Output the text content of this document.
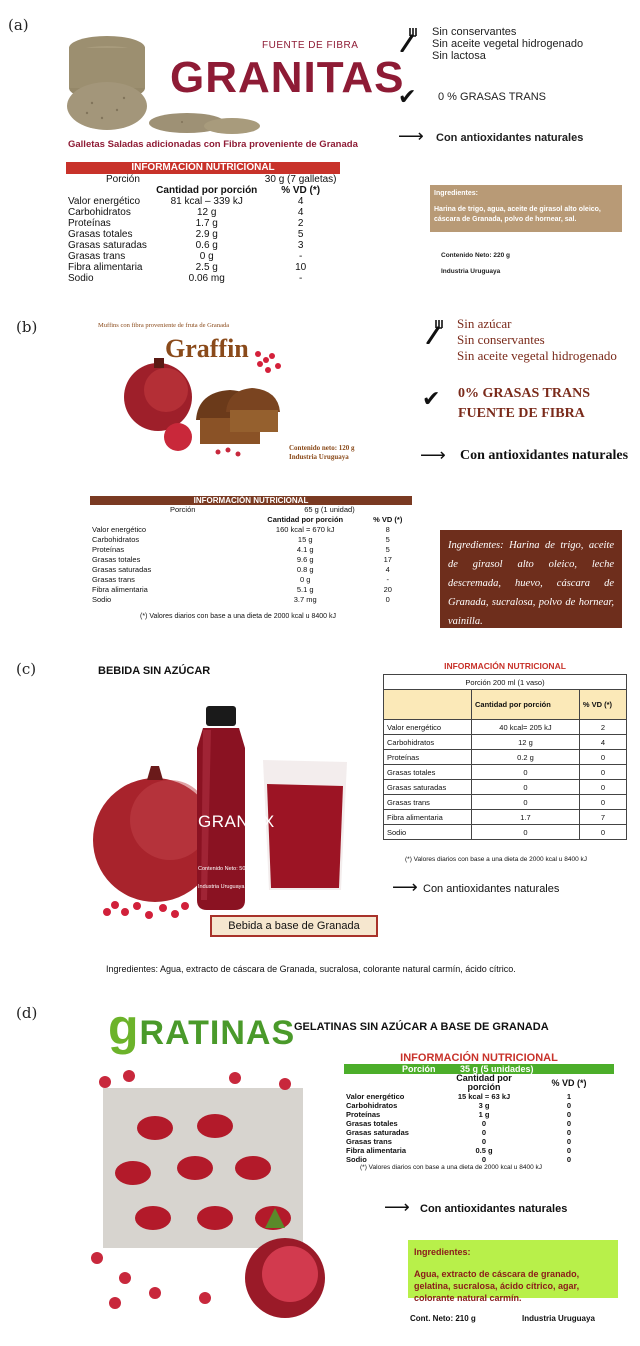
(a)
FUENTE DE FIBRA
GRANITAS
Galletas Saladas adicionadas con Fibra proveniente de Granada
Sin conservantes
Sin aceite vegetal hidrogenado
Sin lactosa
✔ 0 % GRASAS TRANS
⟶ Con antioxidantes naturales
INFORMACIÓN NUTRICIONAL
Porción		30 g (7 galletas)
	Cantidad por porción	% VD (*)
Valor energético	81 kcal – 339 kJ	4
Carbohidratos	12 g	4
Proteínas	1.7 g	2
Grasas totales	2.9 g	5
Grasas saturadas	0.6 g	3
Grasas trans	0 g	-
Fibra alimentaria	2.5 g	10
Sodio	0.06 mg	-
Ingredientes:
Harina de trigo, agua, aceite de girasol alto oleico, cáscara de Granada, polvo de hornear, sal.
Contenido Neto: 220 g
Industria Uruguaya
(b)	Muffins con fibra proveniente de fruta de Granada
Graffin
Contenido neto: 120 g
Industria Uruguaya
Sin azúcar
Sin conservantes
Sin aceite vegetal hidrogenado
✔ 0% GRASAS TRANS
FUENTE DE FIBRA
⟶ Con antioxidantes naturales
INFORMACIÓN NUTRICIONAL
Porción	65 g (1 unidad)	
	Cantidad por porción	% VD (*)
Valor energético	160 kcal = 670 kJ	8
Carbohidratos	15 g	5
Proteínas	4.1 g	5
Grasas totales	9.6 g	17
Grasas saturadas	0.8 g	4
Grasas trans	0 g	-
Fibra alimentaria	5.1 g	20
Sodio	3.7 mg	0
(*) Valores diarios con base a una dieta de 2000 kcal u 8400 kJ
Ingredientes: Harina de trigo, aceite de girasol alto oleico, leche descremada, huevo, cáscara de Granada, sucralosa, polvo de hornear, vainilla.
(c)	BEBIDA SIN AZÚCAR
GRANOX
Contenido Neto: 500 ml
Industria Uruguaya
Bebida a base de Granada
INFORMACIÓN NUTRICIONAL
Porción 200 ml (1 vaso)		
	Cantidad por porción	% VD (*)
Valor energético	40 kcal= 205 kJ	2
Carbohidratos	12 g	4
Proteínas	0.2 g	0
Grasas totales	0	0
Grasas saturadas	0	0
Grasas trans	0	0
Fibra alimentaria	1.7	7
Sodio	0	0
(*) Valores diarios con base a una dieta de 2000 kcal u 8400 kJ
⟶ Con antioxidantes naturales
Ingredientes: Agua, extracto de cáscara de Granada, sucralosa, colorante natural carmín, ácido cítrico.
(d) gRATINAS
GELATINAS SIN AZÚCAR A BASE DE GRANADA
INFORMACIÓN NUTRICIONAL
Porción	35 g (5 unidades)
	Cantidad por porción	% VD (*)
Valor energético	15 kcal = 63 kJ	1
Carbohidratos	3 g	0
Proteínas	1 g	0
Grasas totales	0	0
Grasas saturadas	0	0
Grasas trans	0	0
Fibra alimentaria	0.5 g	0
Sodio	0	0
(*) Valores diarios con base a una dieta de 2000 kcal u 8400 kJ
⟶ Con antioxidantes naturales
Ingredientes:
Agua, extracto de cáscara de granado, gelatina, sucralosa, ácido cítrico, agar, colorante natural carmín.
Cont. Neto: 210 g	Industria Uruguaya
